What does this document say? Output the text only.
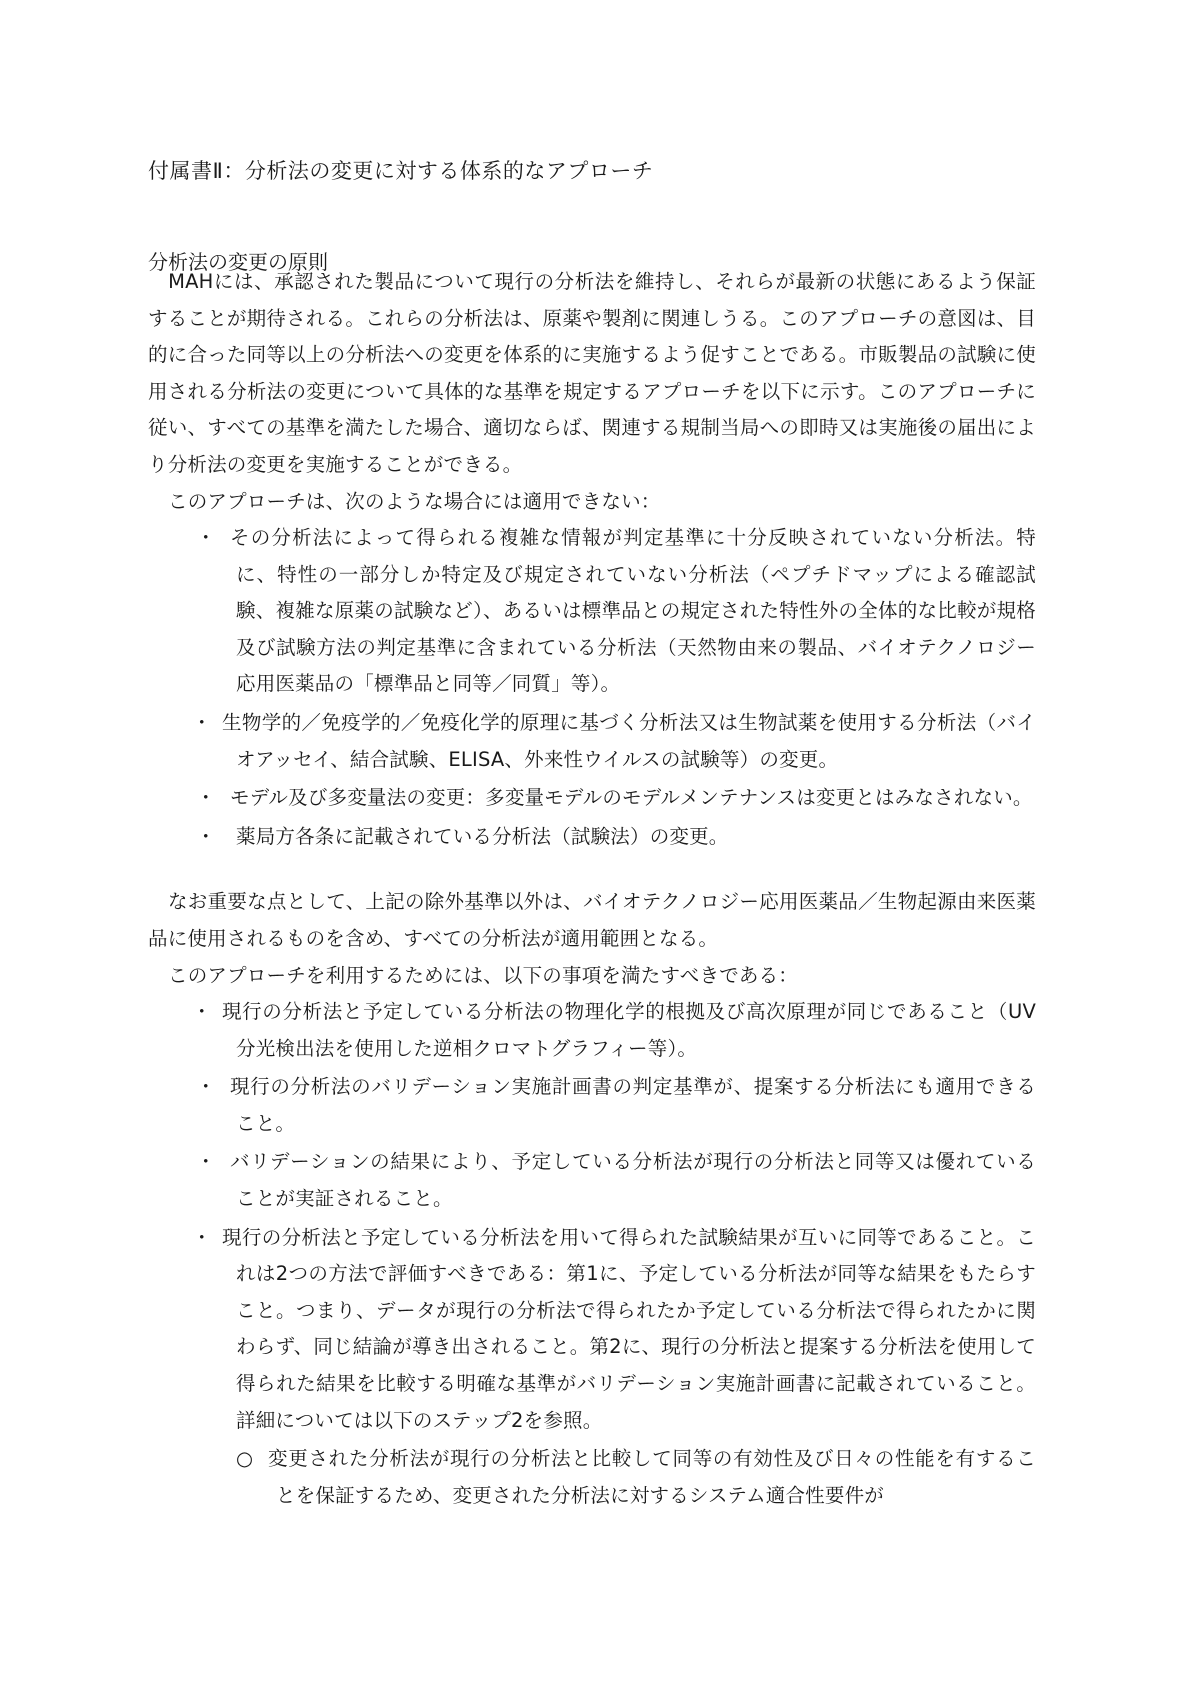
付属書Ⅱ：分析法の変更に対する体系的なアプローチ
分析法の変更の原則
　MAHには、承認された製品について現行の分析法を維持し、それらが最新の状態にあるよう保証することが期待される。これらの分析法は、原薬や製剤に関連しうる。このアプローチの意図は、目的に合った同等以上の分析法への変更を体系的に実施するよう促すことである。市販製品の試験に使用される分析法の変更について具体的な基準を規定するアプローチを以下に示す。このアプローチに従い、すべての基準を満たした場合、適切ならば、関連する規制当局への即時又は実施後の届出により分析法の変更を実施することができる。
このアプローチは、次のような場合には適用できない：
・ その分析法によって得られる複雑な情報が判定基準に十分反映されていない分析法。特に、特性の一部分しか特定及び規定されていない分析法（ペプチドマップによる確認試験、複雑な原薬の試験など）、あるいは標準品との規定された特性外の全体的な比較が規格及び試験方法の判定基準に含まれている分析法（天然物由来の製品、バイオテクノロジー応用医薬品の「標準品と同等／同質」等）。
・ 生物学的／免疫学的／免疫化学的原理に基づく分析法又は生物試薬を使用する分析法（バイオアッセイ、結合試験、ELISA、外来性ウイルスの試験等）の変更。
・ モデル及び多変量法の変更：多変量モデルのモデルメンテナンスは変更とはみなされない。
・ 薬局方各条に記載されている分析法（試験法）の変更。
なお重要な点として、上記の除外基準以外は、バイオテクノロジー応用医薬品／生物起源由来医薬品に使用されるものを含め、すべての分析法が適用範囲となる。
このアプローチを利用するためには、以下の事項を満たすべきである：
・ 現行の分析法と予定している分析法の物理化学的根拠及び高次原理が同じであること（UV分光検出法を使用した逆相クロマトグラフィー等）。
・ 現行の分析法のバリデーション実施計画書の判定基準が、提案する分析法にも適用できること。
・ バリデーションの結果により、予定している分析法が現行の分析法と同等又は優れていることが実証されること。
・ 現行の分析法と予定している分析法を用いて得られた試験結果が互いに同等であること。これは2つの方法で評価すべきである：第1に、予定している分析法が同等な結果をもたらすこと。つまり、データが現行の分析法で得られたか予定している分析法で得られたかに関わらず、同じ結論が導き出されること。第2に、現行の分析法と提案する分析法を使用して得られた結果を比較する明確な基準がバリデーション実施計画書に記載されていること。詳細については以下のステップ2を参照。
○ 変更された分析法が現行の分析法と比較して同等の有効性及び日々の性能を有することを保証するため、変更された分析法に対するシステム適合性要件が
